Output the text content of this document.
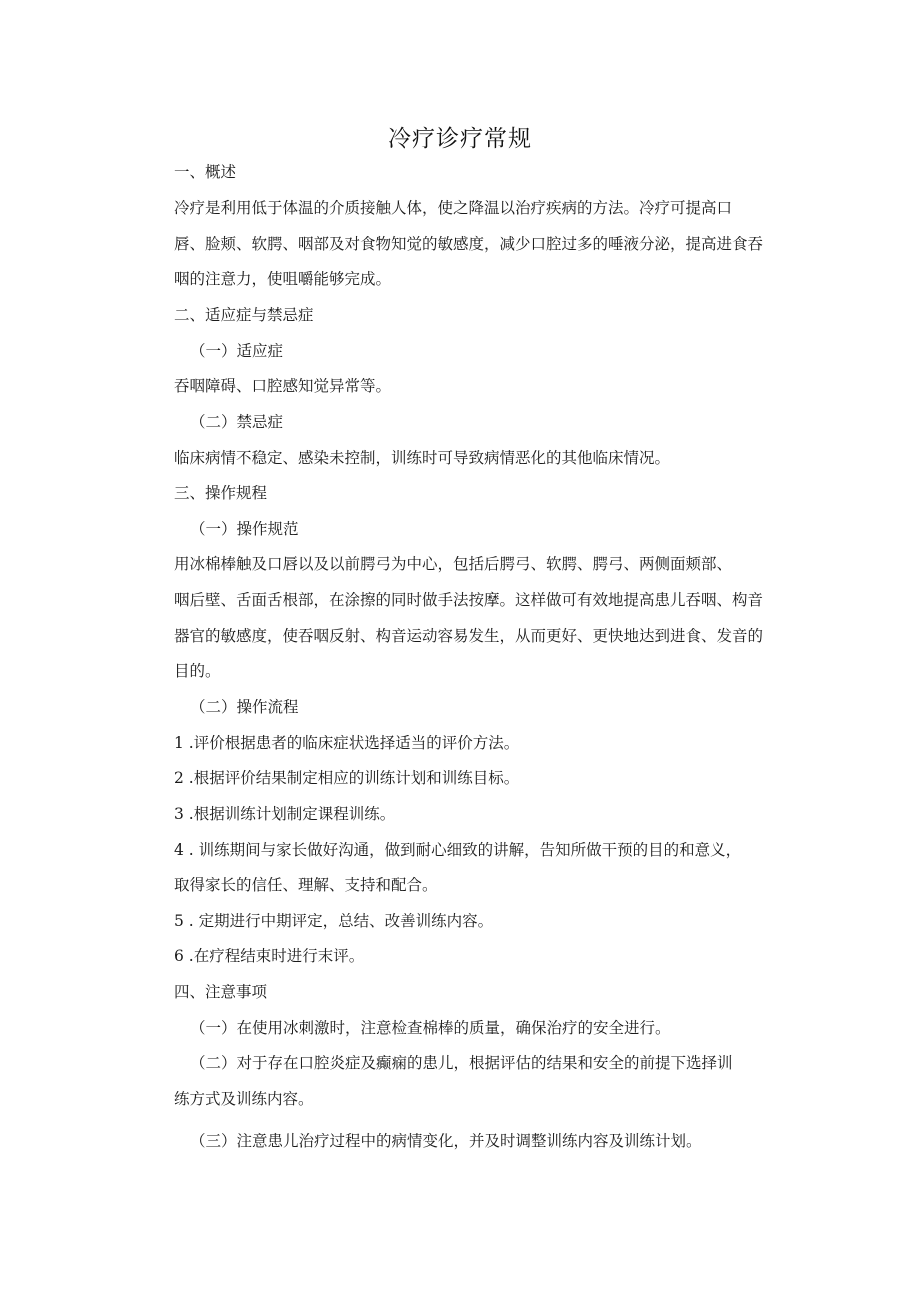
冷疗诊疗常规
一、概述
冷疗是利用低于体温的介质接触人体，使之降温以治疗疾病的方法。冷疗可提高口
唇、脸颊、软腭、咽部及对食物知觉的敏感度，减少口腔过多的唾液分泌，提高进食吞
咽的注意力，使咀嚼能够完成。
二、适应症与禁忌症
（一）适应症
吞咽障碍、口腔感知觉异常等。
（二）禁忌症
临床病情不稳定、感染未控制，训练时可导致病情恶化的其他临床情况。
三、操作规程
（一）操作规范
用冰棉棒触及口唇以及以前腭弓为中心，包括后腭弓、软腭、腭弓、两侧面颊部、
咽后壁、舌面舌根部，在涂擦的同时做手法按摩。这样做可有效地提高患儿吞咽、构音
器官的敏感度，使吞咽反射、构音运动容易发生，从而更好、更快地达到进食、发音的
目的。
（二）操作流程
1 .评价根据患者的临床症状选择适当的评价方法。
2 .根据评价结果制定相应的训练计划和训练目标。
3 .根据训练计划制定课程训练。
4 . 训练期间与家长做好沟通，做到耐心细致的讲解，告知所做干预的目的和意义，
取得家长的信任、理解、支持和配合。
5 . 定期进行中期评定，总结、改善训练内容。
6 .在疗程结束时进行末评。
四、注意事项
（一）在使用冰刺激时，注意检查棉棒的质量，确保治疗的安全进行。
（二）对于存在口腔炎症及癫痫的患儿，根据评估的结果和安全的前提下选择训
练方式及训练内容。
（三）注意患儿治疗过程中的病情变化，并及时调整训练内容及训练计划。
